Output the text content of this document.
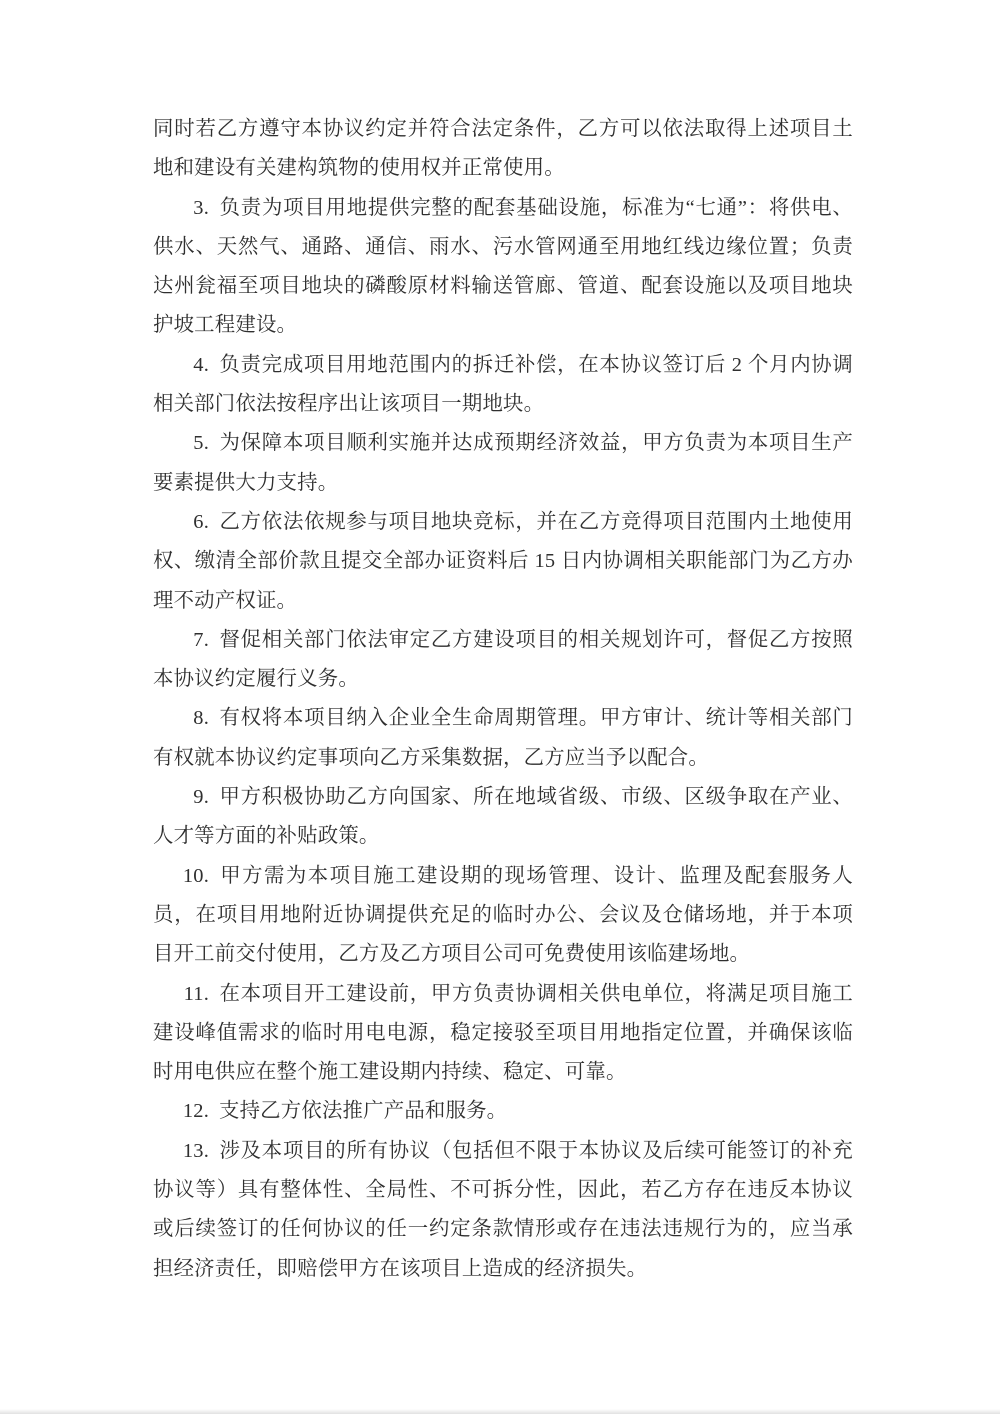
同时若乙方遵守本协议约定并符合法定条件，乙方可以依法取得上述项目土地和建设有关建构筑物的使用权并正常使用。

3. 负责为项目用地提供完整的配套基础设施，标准为“七通”：将供电、供水、天然气、通路、通信、雨水、污水管网通至用地红线边缘位置；负责达州瓮福至项目地块的磷酸原材料输送管廊、管道、配套设施以及项目地块护坡工程建设。

4. 负责完成项目用地范围内的拆迁补偿，在本协议签订后 2 个月内协调相关部门依法按程序出让该项目一期地块。

5. 为保障本项目顺利实施并达成预期经济效益，甲方负责为本项目生产要素提供大力支持。

6. 乙方依法依规参与项目地块竞标，并在乙方竞得项目范围内土地使用权、缴清全部价款且提交全部办证资料后 15 日内协调相关职能部门为乙方办理不动产权证。

7. 督促相关部门依法审定乙方建设项目的相关规划许可，督促乙方按照本协议约定履行义务。

8. 有权将本项目纳入企业全生命周期管理。甲方审计、统计等相关部门有权就本协议约定事项向乙方采集数据，乙方应当予以配合。

9. 甲方积极协助乙方向国家、所在地域省级、市级、区级争取在产业、人才等方面的补贴政策。

10. 甲方需为本项目施工建设期的现场管理、设计、监理及配套服务人员，在项目用地附近协调提供充足的临时办公、会议及仓储场地，并于本项目开工前交付使用，乙方及乙方项目公司可免费使用该临建场地。

11. 在本项目开工建设前，甲方负责协调相关供电单位，将满足项目施工建设峰值需求的临时用电电源，稳定接驳至项目用地指定位置，并确保该临时用电供应在整个施工建设期内持续、稳定、可靠。

12. 支持乙方依法推广产品和服务。

13. 涉及本项目的所有协议（包括但不限于本协议及后续可能签订的补充协议等）具有整体性、全局性、不可拆分性，因此，若乙方存在违反本协议或后续签订的任何协议的任一约定条款情形或存在违法违规行为的，应当承担经济责任，即赔偿甲方在该项目上造成的经济损失。
